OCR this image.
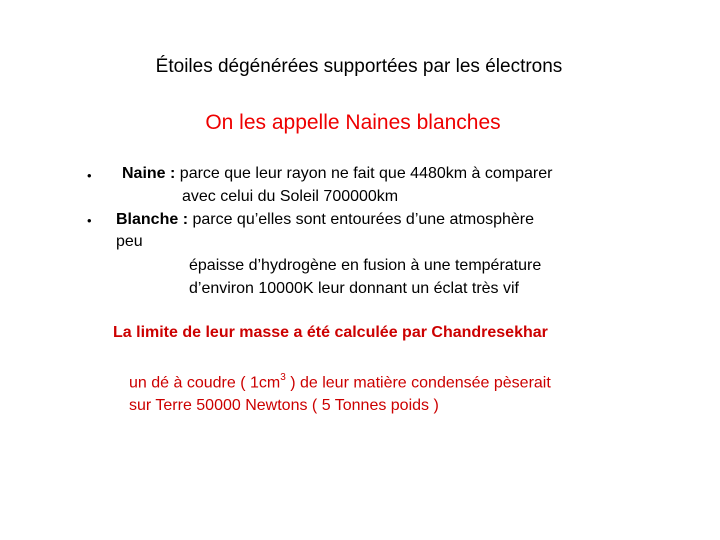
Étoiles dégénérées supportées par les électrons
On les appelle Naines blanches
• Naine : parce que leur rayon ne fait que 4480km à comparer
avec celui du Soleil 700000km
• Blanche : parce qu’elles sont entourées d’une atmosphère
peu
épaisse d’hydrogène en fusion à une température
d’environ 10000K leur donnant un éclat très vif
La limite de leur masse a été calculée par Chandresekhar
un dé à coudre ( $1cm^3$ ) de leur matière condensée pèserait
sur Terre 50000 Newtons ( 5 Tonnes poids )
